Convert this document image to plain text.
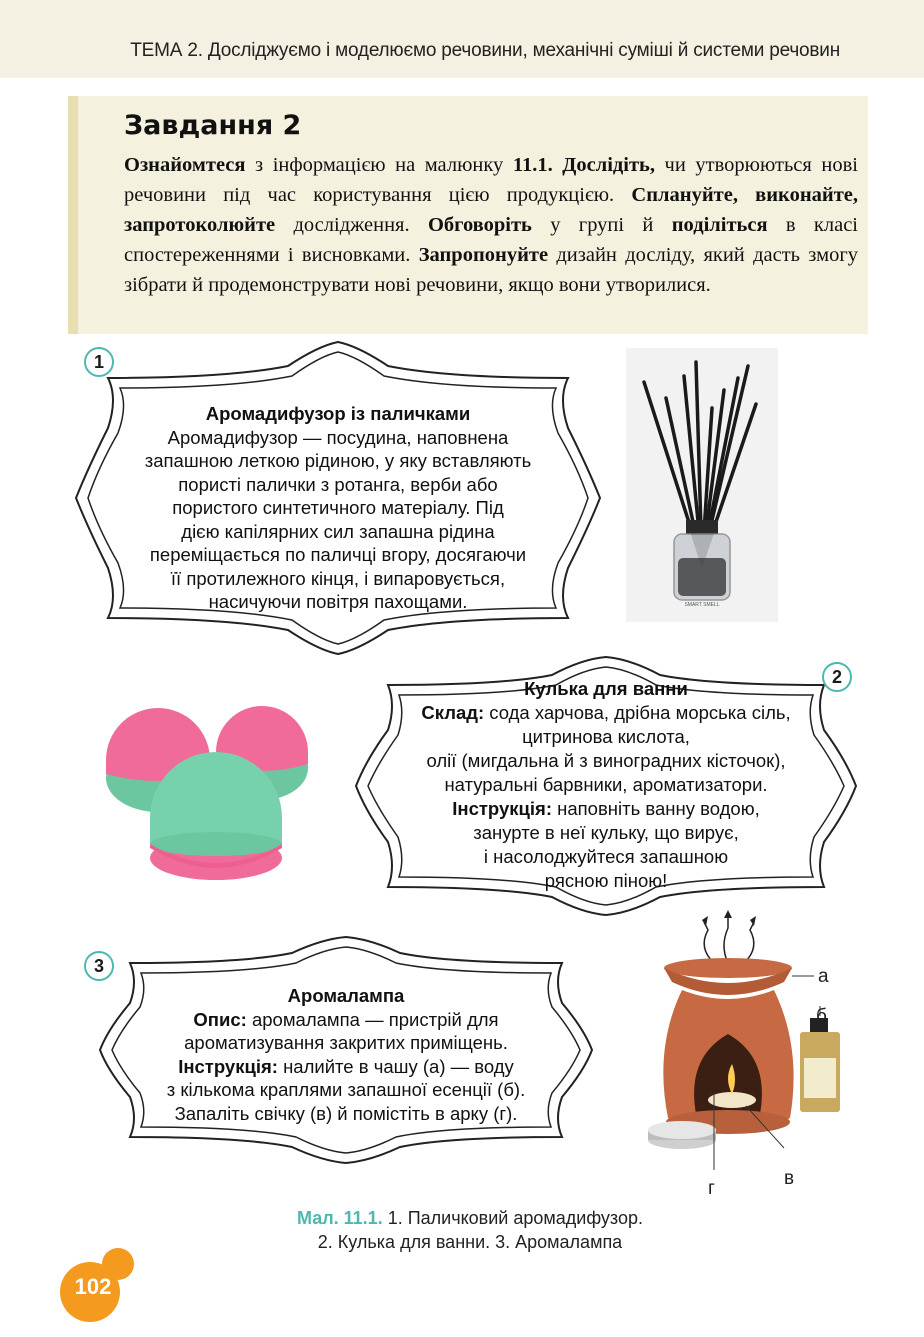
ТЕМА 2. Досліджуємо і моделюємо речовини, механічні суміші й системи речовин
Завдання 2
Ознайомтеся з інформацією на малюнку 11.1. Дослідіть, чи утворюються нові речовини під час користування цією продукцією. Сплануйте, виконайте, запротоколюйте дослідження. Обговоріть у групі й поділіться в класі спостереженнями і висновками. Запропонуйте дизайн досліду, який дасть змогу зібрати й продемонструвати нові речовини, якщо вони утворилися.
1
Аромадифузор із паличками
Аромадифузор — посудина, наповнена
запашною леткою рідиною, у яку вставляють
пористі палички з ротанга, верби або
пористого синтетичного матеріалу. Під
дією капілярних сил запашна рідина
переміщається по паличці вгору, досягаючи
її протилежного кінця, і випаровується,
насичуючи повітря пахощами.	SMART SMELL
Кулька для ванни
Склад: сода харчова, дрібна морська сіль,
цитринова кислота,
олії (мигдальна й з виноградних кісточок),
натуральні барвники, ароматизатори.
Інструкція: наповніть ванну водою,
занурте в неї кульку, що вирує,
і насолоджуйтеся запашною
рясною піною!
2
3
Аромалампа
Опис: аромалампа — пристрій для
ароматизування закритих приміщень.
Інструкція: налийте в чашу (а) — воду
з кількома краплями запашної есенції (б).
Запаліть свічку (в) й помістіть в арку (г).
а
б
в
г
Мал. 11.1. 1. Паличковий аромадифузор.
2. Кулька для ванни. 3. Аромалампа
102
